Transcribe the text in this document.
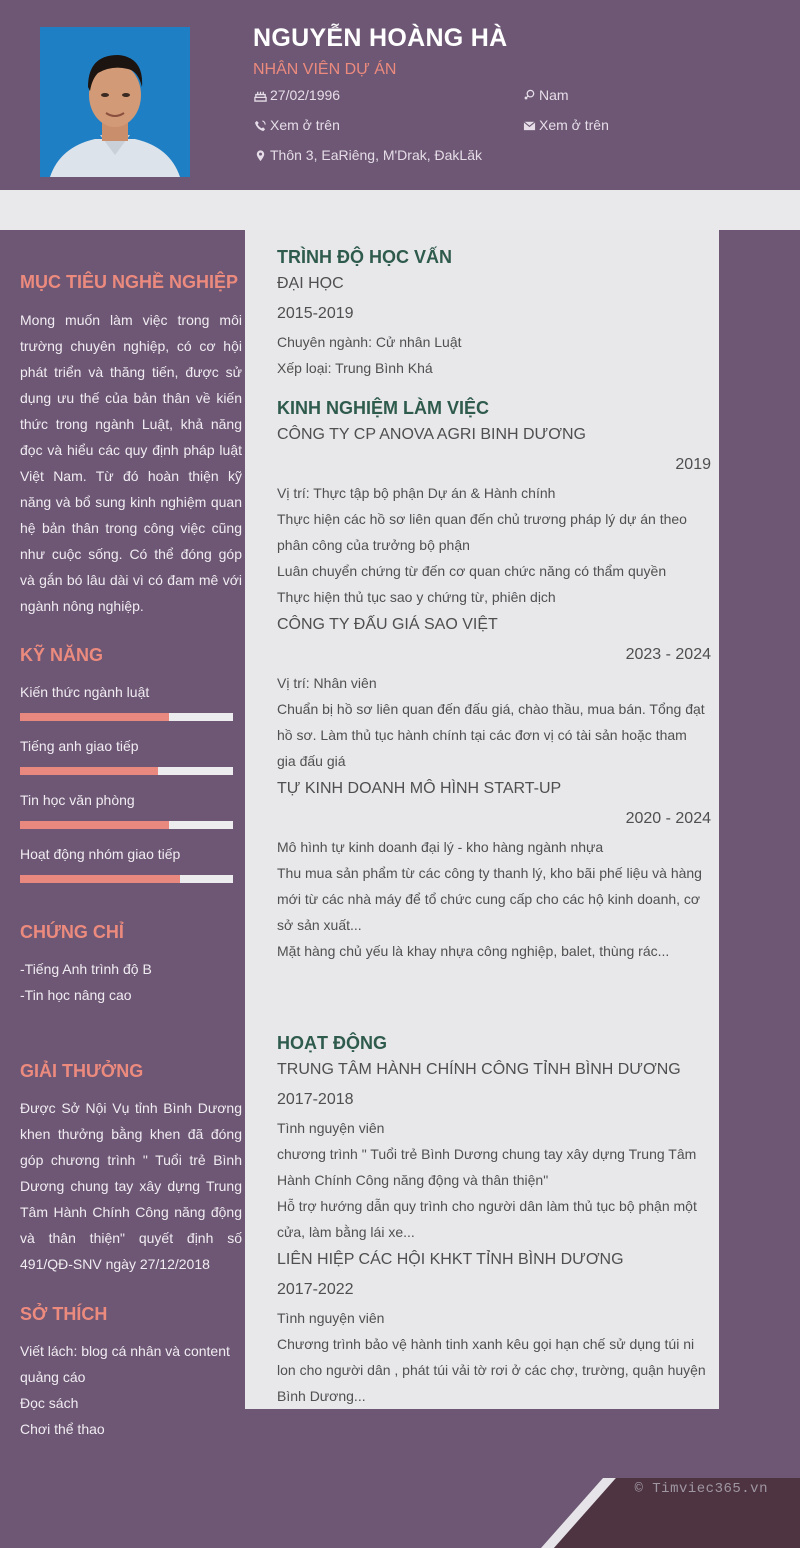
NGUYỄN HOÀNG HÀ
NHÂN VIÊN DỰ ÁN
27/02/1996	Nam
Xem ở trên	Xem ở trên
Thôn 3, EaRiêng, M'Drak, ĐakLăk
MỤC TIÊU NGHỀ NGHIỆP
Mong muốn làm việc trong môi trường chuyên nghiệp, có cơ hội phát triển và thăng tiến, được sử dụng ưu thế của bản thân về kiến thức trong ngành Luật, khả năng đọc và hiểu các quy định pháp luật Việt Nam. Từ đó hoàn thiện kỹ năng và bổ sung kinh nghiệm quan hệ bản thân trong công việc cũng như cuộc sống. Có thể đóng góp và gắn bó lâu dài vì có đam mê với ngành nông nghiệp.
KỸ NĂNG
Kiến thức ngành luật
Tiếng anh giao tiếp
Tin học văn phòng
Hoạt động nhóm giao tiếp
CHỨNG CHỈ
-Tiếng Anh trình độ B
-Tin học nâng cao
GIẢI THƯỞNG
Được Sở Nội Vụ tỉnh Bình Dương khen thưởng bằng khen đã đóng góp chương trình " Tuổi trẻ Bình Dương chung tay xây dựng Trung Tâm Hành Chính Công năng động và thân thiện" quyết định số 491/QĐ-SNV ngày 27/12/2018
SỞ THÍCH
Viết lách: blog cá nhân và content quảng cáo
Đọc sách
Chơi thể thao
TRÌNH ĐỘ HỌC VẤN
ĐẠI HỌC
2015-2019
Chuyên ngành: Cử nhân Luật
Xếp loại: Trung Bình Khá
KINH NGHIỆM LÀM VIỆC
CÔNG TY CP ANOVA AGRI BINH DƯƠNG
2019
Vị trí: Thực tập bộ phận Dự án & Hành chính
Thực hiện các hồ sơ liên quan đến chủ trương pháp lý dự án theo phân công của trưởng bộ phận
Luân chuyển chứng từ đến cơ quan chức năng có thẩm quyền
Thực hiện thủ tục sao y chứng từ, phiên dịch
CÔNG TY ĐẤU GIÁ SAO VIỆT
2023 - 2024
Vị trí: Nhân viên
Chuẩn bị hồ sơ liên quan đến đấu giá, chào thầu, mua bán. Tổng đạt hồ sơ. Làm thủ tục hành chính tại các đơn vị có tài sản hoặc tham gia đấu giá
TỰ KINH DOANH MÔ HÌNH START-UP
2020 - 2024
Mô hình tự kinh doanh đại lý - kho hàng ngành nhựa
Thu mua sản phẩm từ các công ty thanh lý, kho bãi phế liệu và hàng mới từ các nhà máy để tổ chức cung cấp cho các hộ kinh doanh, cơ sở sản xuất...
Mặt hàng chủ yếu là khay nhựa công nghiệp, balet, thùng rác...
HOẠT ĐỘNG
TRUNG TÂM HÀNH CHÍNH CÔNG TỈNH BÌNH DƯƠNG
2017-2018
Tình nguyện viên
chương trình " Tuổi trẻ Bình Dương chung tay xây dựng Trung Tâm Hành Chính Công năng động và thân thiện"
Hỗ trợ hướng dẫn quy trình cho người dân làm thủ tục bộ phận một cửa, làm bằng lái xe...
LIÊN HIỆP CÁC HỘI KHKT TỈNH BÌNH DƯƠNG
2017-2022
Tình nguyện viên
Chương trình bảo vệ hành tinh xanh kêu gọi hạn chế sử dụng túi ni lon cho người dân , phát túi vải tờ rơi ở các chợ, trường, quận huyện Bình Dương...
© Timviec365.vn
